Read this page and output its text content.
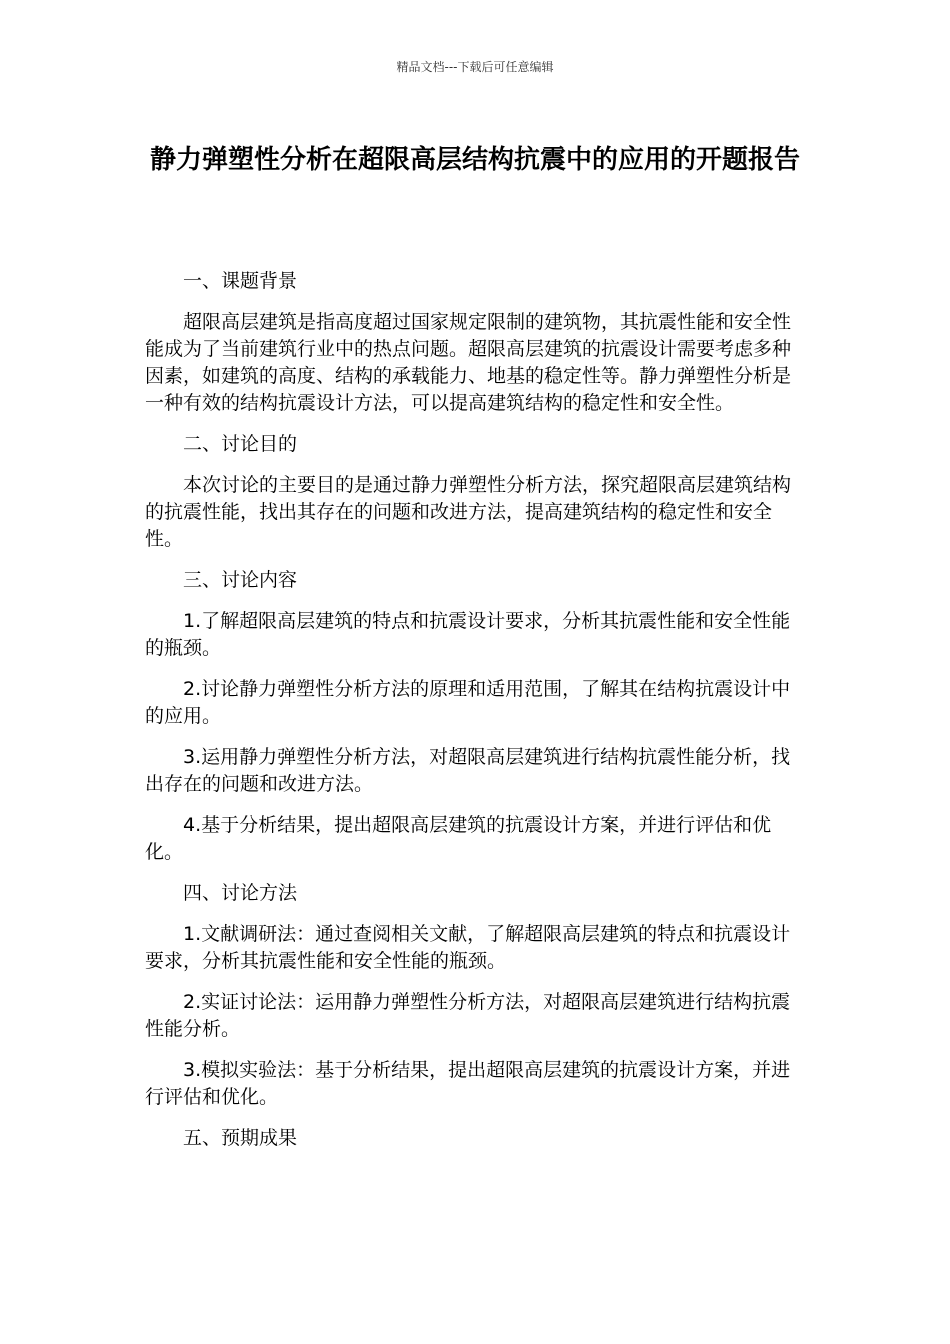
精品文档---下载后可任意编辑
静力弹塑性分析在超限高层结构抗震中的应用的开题报告

一、课题背景

超限高层建筑是指高度超过国家规定限制的建筑物，其抗震性能和安全性能成为了当前建筑行业中的热点问题。超限高层建筑的抗震设计需要考虑多种因素，如建筑的高度、结构的承载能力、地基的稳定性等。静力弹塑性分析是一种有效的结构抗震设计方法，可以提高建筑结构的稳定性和安全性。

二、讨论目的

本次讨论的主要目的是通过静力弹塑性分析方法，探究超限高层建筑结构的抗震性能，找出其存在的问题和改进方法，提高建筑结构的稳定性和安全性。

三、讨论内容

1.了解超限高层建筑的特点和抗震设计要求，分析其抗震性能和安全性能的瓶颈。

2.讨论静力弹塑性分析方法的原理和适用范围，了解其在结构抗震设计中的应用。

3.运用静力弹塑性分析方法，对超限高层建筑进行结构抗震性能分析，找出存在的问题和改进方法。

4.基于分析结果，提出超限高层建筑的抗震设计方案，并进行评估和优化。

四、讨论方法

1.文献调研法：通过查阅相关文献，了解超限高层建筑的特点和抗震设计要求，分析其抗震性能和安全性能的瓶颈。

2.实证讨论法：运用静力弹塑性分析方法，对超限高层建筑进行结构抗震性能分析。

3.模拟实验法：基于分析结果，提出超限高层建筑的抗震设计方案，并进行评估和优化。

五、预期成果
